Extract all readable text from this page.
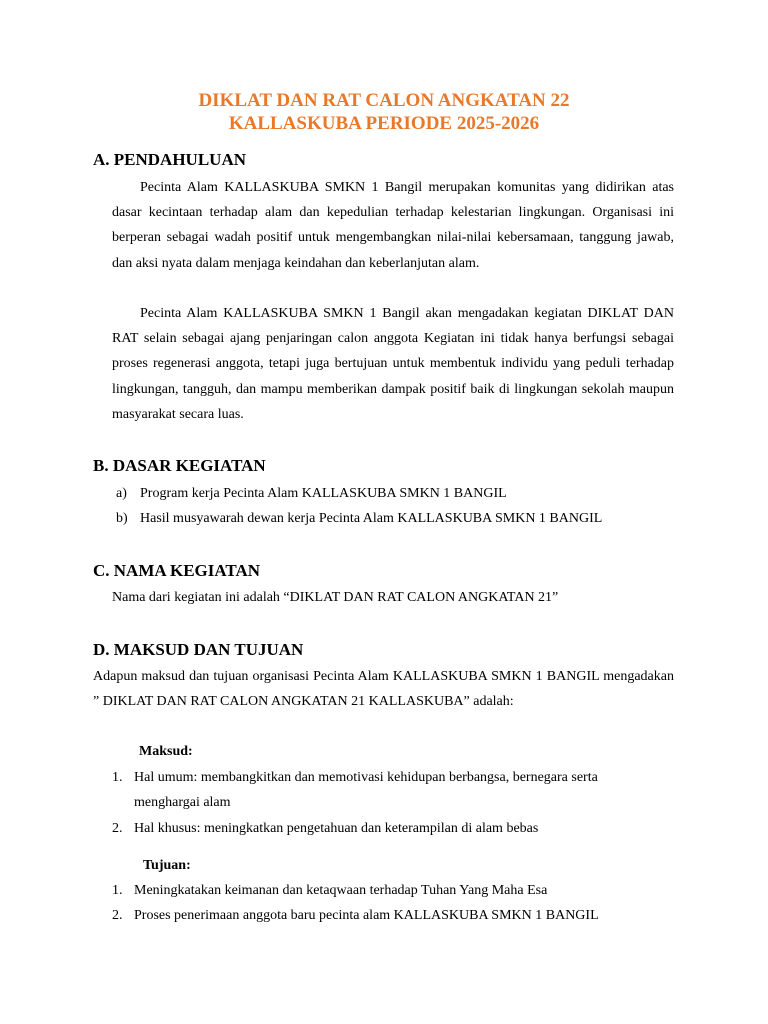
DIKLAT DAN RAT CALON ANGKATAN 22
KALLASKUBA PERIODE 2025-2026
A. PENDAHULUAN

Pecinta Alam KALLASKUBA SMKN 1 Bangil merupakan komunitas yang didirikan atas dasar kecintaan terhadap alam dan kepedulian terhadap kelestarian lingkungan. Organisasi ini berperan sebagai wadah positif untuk mengembangkan nilai-nilai kebersamaan, tanggung jawab, dan aksi nyata dalam menjaga keindahan dan keberlanjutan alam.

Pecinta Alam KALLASKUBA SMKN 1 Bangil akan mengadakan kegiatan DIKLAT DAN RAT selain sebagai ajang penjaringan calon anggota Kegiatan ini tidak hanya berfungsi sebagai proses regenerasi anggota, tetapi juga bertujuan untuk membentuk individu yang peduli terhadap lingkungan, tangguh, dan mampu memberikan dampak positif baik di lingkungan sekolah maupun masyarakat secara luas.

B. DASAR KEGIATAN
a) Program kerja Pecinta Alam KALLASKUBA SMKN 1 BANGIL
b) Hasil musyawarah dewan kerja Pecinta Alam KALLASKUBA SMKN 1 BANGIL
C. NAMA KEGIATAN
Nama dari kegiatan ini adalah “DIKLAT DAN RAT CALON ANGKATAN 21”
D. MAKSUD DAN TUJUAN

Adapun maksud dan tujuan organisasi Pecinta Alam KALLASKUBA SMKN 1 BANGIL mengadakan ” DIKLAT DAN RAT CALON ANGKATAN 21 KALLASKUBA” adalah:

Maksud:
1. Hal umum: membangkitkan dan memotivasi kehidupan berbangsa, bernegara serta
menghargai alam
2. Hal khusus: meningkatkan pengetahuan dan keterampilan di alam bebas
Tujuan:
1. Meningkatakan keimanan dan ketaqwaan terhadap Tuhan Yang Maha Esa
2. Proses penerimaan anggota baru pecinta alam KALLASKUBA SMKN 1 BANGIL
